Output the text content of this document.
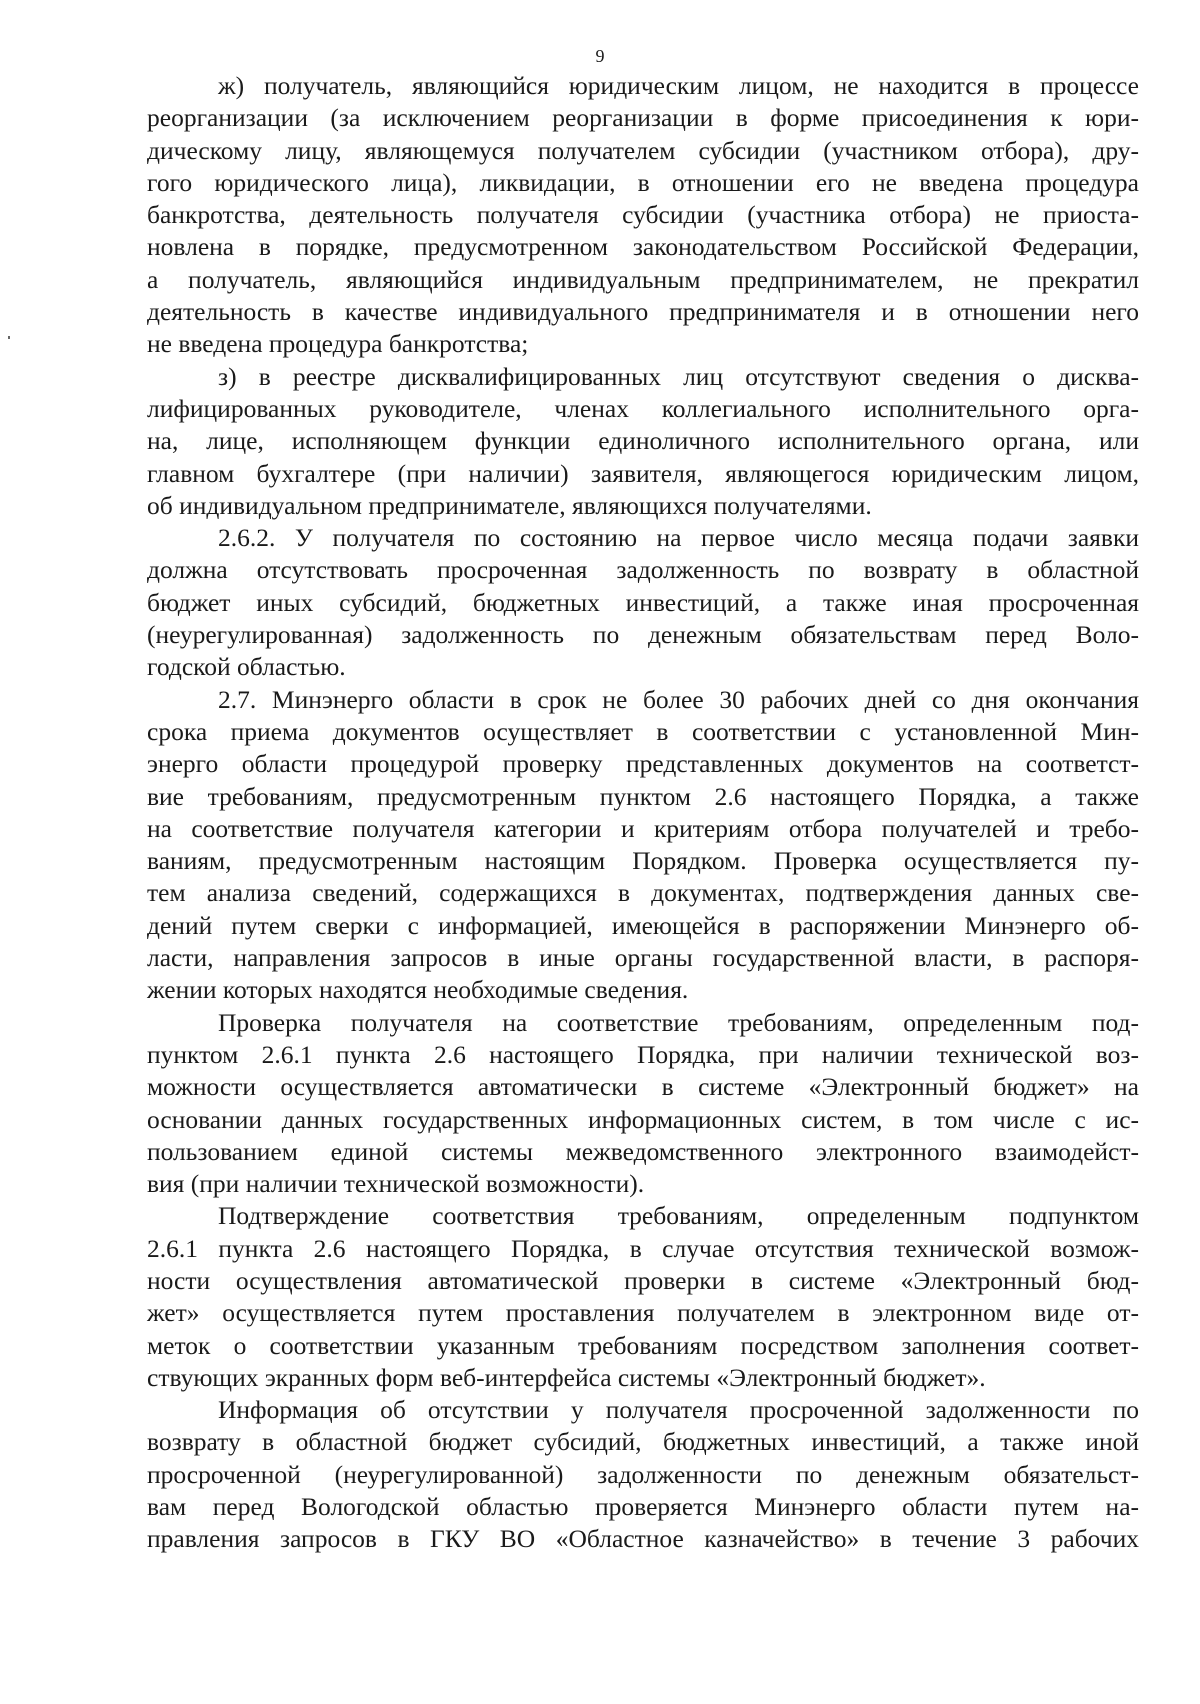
9
ж) получатель, являющийся юридическим лицом, не находится в процессе
реорганизации (за исключением реорганизации в форме присоединения к юри-
дическому лицу, являющемуся получателем субсидии (участником отбора), дру-
гого юридического лица), ликвидации, в отношении его не введена процедура
банкротства, деятельность получателя субсидии (участника отбора) не приоста-
новлена в порядке, предусмотренном законодательством Российской Федерации,
а получатель, являющийся индивидуальным предпринимателем, не прекратил
деятельность в качестве индивидуального предпринимателя и в отношении него
не введена процедура банкротства;
з) в реестре дисквалифицированных лиц отсутствуют сведения о дисква-
лифицированных руководителе, членах коллегиального исполнительного орга-
на, лице, исполняющем функции единоличного исполнительного органа, или
главном бухгалтере (при наличии) заявителя, являющегося юридическим лицом,
об индивидуальном предпринимателе, являющихся получателями.
2.6.2. У получателя по состоянию на первое число месяца подачи заявки
должна отсутствовать просроченная задолженность по возврату в областной
бюджет иных субсидий, бюджетных инвестиций, а также иная просроченная
(неурегулированная) задолженность по денежным обязательствам перед Воло-
годской областью.
2.7. Минэнерго области в срок не более 30 рабочих дней со дня окончания
срока приема документов осуществляет в соответствии с установленной Мин-
энерго области процедурой проверку представленных документов на соответст-
вие требованиям, предусмотренным пунктом 2.6 настоящего Порядка, а также
на соответствие получателя категории и критериям отбора получателей и требо-
ваниям, предусмотренным настоящим Порядком. Проверка осуществляется пу-
тем анализа сведений, содержащихся в документах, подтверждения данных све-
дений путем сверки с информацией, имеющейся в распоряжении Минэнерго об-
ласти, направления запросов в иные органы государственной власти, в распоря-
жении которых находятся необходимые сведения.
Проверка получателя на соответствие требованиям, определенным под-
пунктом 2.6.1 пункта 2.6 настоящего Порядка, при наличии технической воз-
можности осуществляется автоматически в системе «Электронный бюджет» на
основании данных государственных информационных систем, в том числе с ис-
пользованием единой системы межведомственного электронного взаимодейст-
вия (при наличии технической возможности).
Подтверждение соответствия требованиям, определенным подпунктом
2.6.1 пункта 2.6 настоящего Порядка, в случае отсутствия технической возмож-
ности осуществления автоматической проверки в системе «Электронный бюд-
жет» осуществляется путем проставления получателем в электронном виде от-
меток о соответствии указанным требованиям посредством заполнения соответ-
ствующих экранных форм веб-интерфейса системы «Электронный бюджет».
Информация об отсутствии у получателя просроченной задолженности по
возврату в областной бюджет субсидий, бюджетных инвестиций, а также иной
просроченной (неурегулированной) задолженности по денежным обязательст-
вам перед Вологодской областью проверяется Минэнерго области путем на-
правления запросов в ГКУ ВО «Областное казначейство» в течение 3 рабочих
